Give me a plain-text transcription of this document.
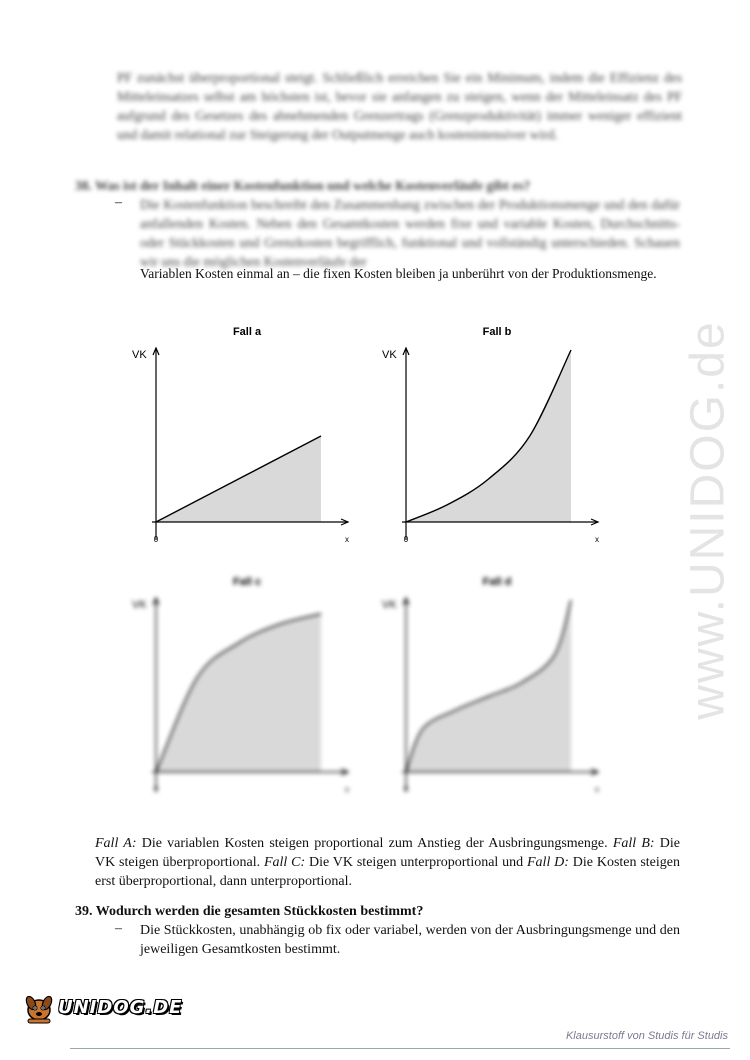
www.UNIDOG.de
PF zunächst überproportional steigt. Schließlich erreichen Sie ein Minimum, indem die Effizienz des Mitteleinsatzes selbst am höchsten ist, bevor sie anfangen zu steigen, wenn der Mitteleinsatz des PF aufgrund des Gesetzes des abnehmenden Grenzertrags (Grenzproduktivität) immer weniger effizient und damit relational zur Steigerung der Outputmenge auch kostenintensiver wird.
38. Was ist der Inhalt einer Kostenfunktion und welche Kostenverläufe gibt es?
– Die Kostenfunktion beschreibt den Zusammenhang zwischen der Produktionsmenge und den dafür anfallenden Kosten. Neben den Gesamtkosten werden fixe und variable Kosten, Durchschnitts- oder Stückkosten und Grenzkosten begrifflich, funktional und vollständig unterschieden. Schauen wir uns die möglichen Kostenverläufe der
Variablen Kosten einmal an – die fixen Kosten bleiben ja unberührt von der Produktionsmenge.
Fall a
VK
x
0
Fall b
VK
x
0
Fall c
VK
x
0
Fall d
VK
x
0
Fall A: Die variablen Kosten steigen proportional zum Anstieg der Ausbringungsmenge. Fall B: Die VK steigen überproportional. Fall C: Die VK steigen unterproportional und Fall D: Die Kosten steigen erst überproportional, dann unterproportional.
39. Wodurch werden die gesamten Stückkosten bestimmt?
– Die Stückkosten, unabhängig ob fix oder variabel, werden von der Ausbringungsmenge und den jeweiligen Gesamtkosten bestimmt.
UNIDOG.DE
Klausurstoff von Studis für Studis
